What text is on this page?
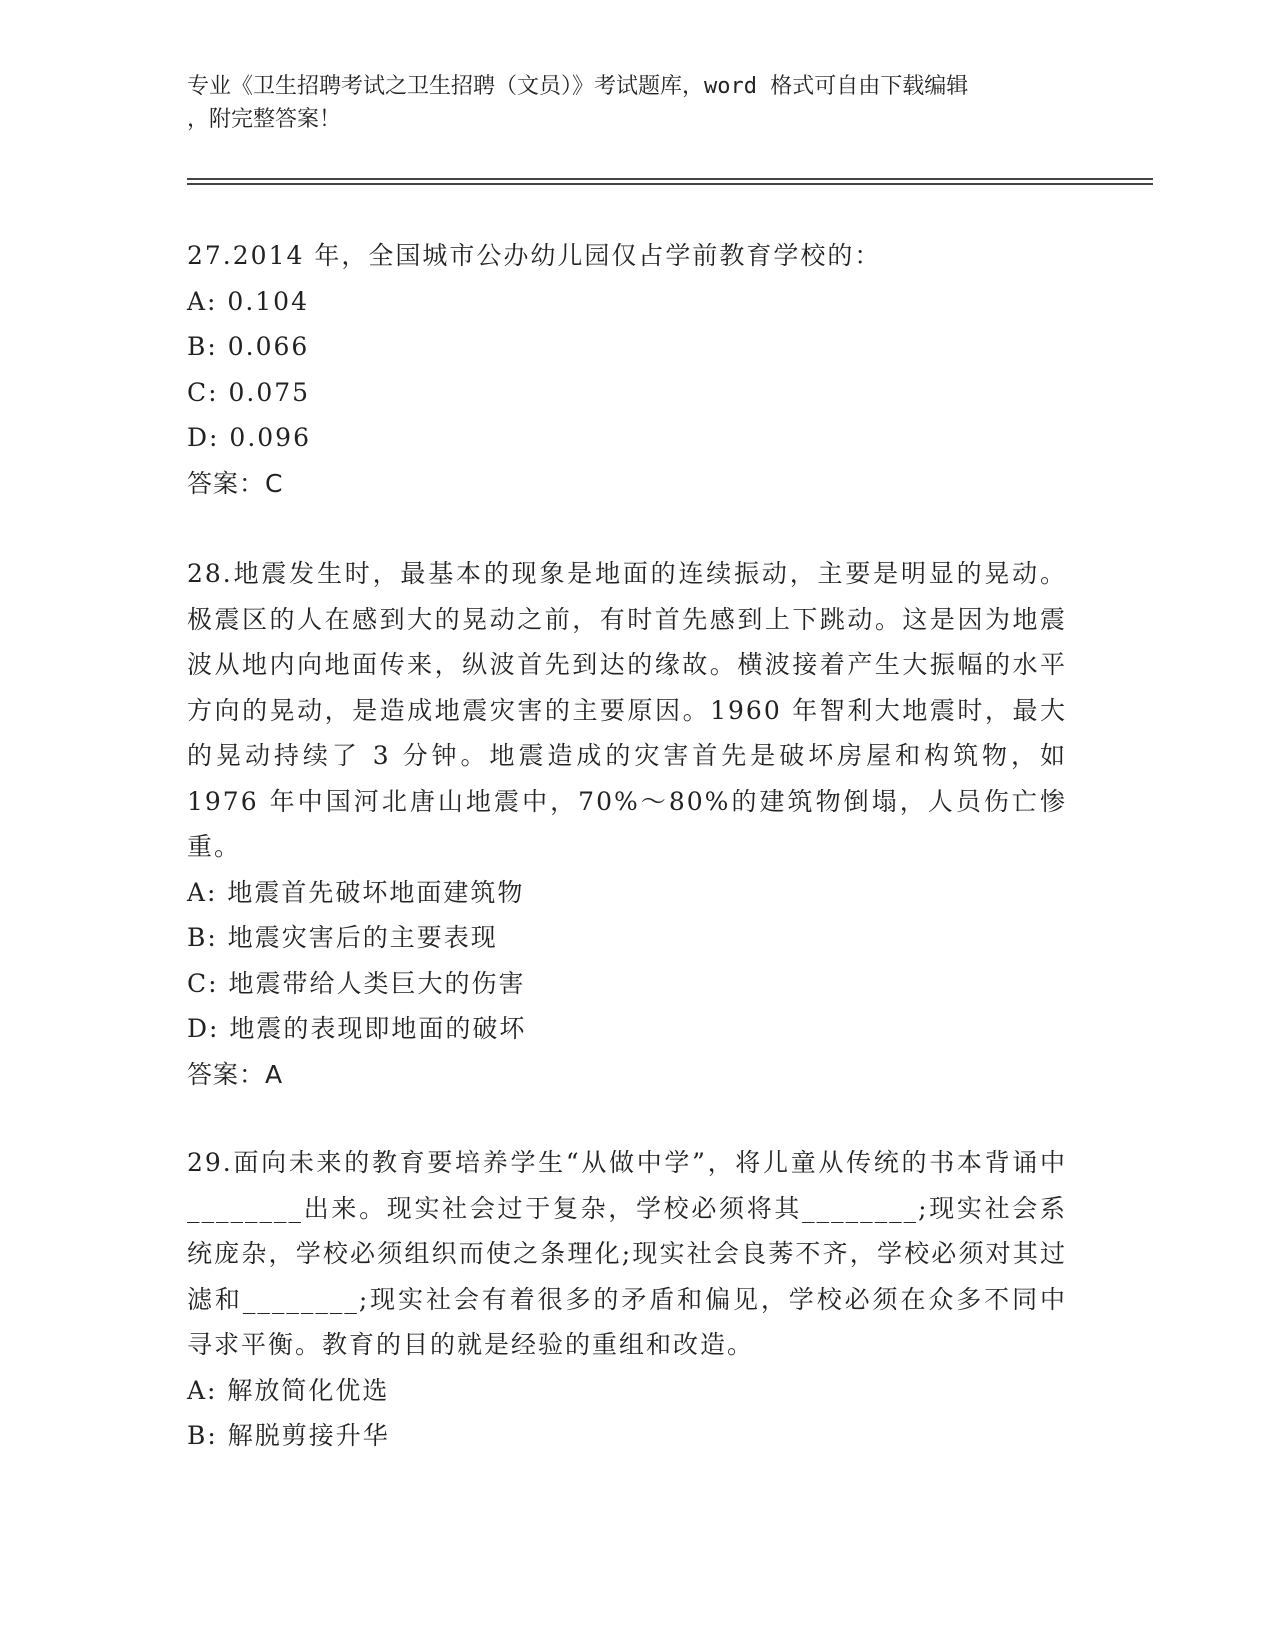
专业《卫生招聘考试之卫生招聘（文员）》考试题库，word 格式可自由下载编辑
，附完整答案！

27.2014 年，全国城市公办幼儿园仅占学前教育学校的：

A: 0.104

B: 0.066

C: 0.075

D: 0.096

答案：C

28.地震发生时，最基本的现象是地面的连续振动，主要是明显的晃动。极震区的人在感到大的晃动之前，有时首先感到上下跳动。这是因为地震波从地内向地面传来，纵波首先到达的缘故。横波接着产生大振幅的水平方向的晃动，是造成地震灾害的主要原因。1960 年智利大地震时，最大的晃动持续了 3 分钟。地震造成的灾害首先是破坏房屋和构筑物，如 1976 年中国河北唐山地震中，70%～80%的建筑物倒塌，人员伤亡惨重。

A: 地震首先破坏地面建筑物

B: 地震灾害后的主要表现

C: 地震带给人类巨大的伤害

D: 地震的表现即地面的破坏

答案：A

29.面向未来的教育要培养学生“从做中学”，将儿童从传统的书本背诵中________出来。现实社会过于复杂，学校必须将其________;现实社会系统庞杂，学校必须组织而使之条理化;现实社会良莠不齐，学校必须对其过滤和________;现实社会有着很多的矛盾和偏见，学校必须在众多不同中寻求平衡。教育的目的就是经验的重组和改造。

A: 解放简化优选

B: 解脱剪接升华
